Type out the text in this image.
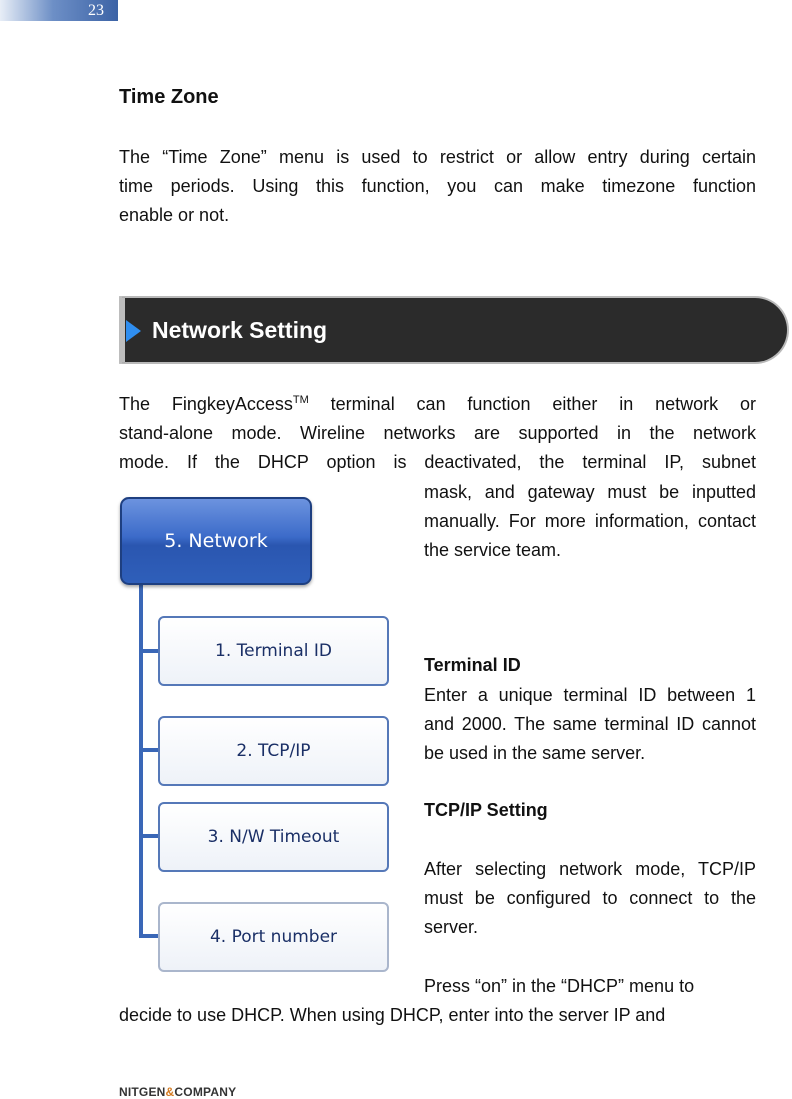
23
Time Zone

The “Time Zone” menu is used to restrict or allow entry during certain

time periods. Using this function, you can make timezone function

enable or not.

Network Setting

The FingkeyAccess™ terminal can function either in network or

stand-alone mode. Wireline networks are supported in the network

mode. If the DHCP option is deactivated, the terminal IP, subnet

mask, and gateway must be inputted manually. For more information, contact the service team.

5. Network
1. Terminal ID
2. TCP/IP
3. N/W Timeout
4. Port number
Terminal ID

Enter a unique terminal ID between 1 and 2000. The same terminal ID cannot be used in the same server.

TCP/IP Setting

After selecting network mode, TCP/IP must be configured to connect to the server.

Press “on” in the “DHCP” menu to

decide to use DHCP. When using DHCP, enter into the server IP and

NITGEN&COMPANY
